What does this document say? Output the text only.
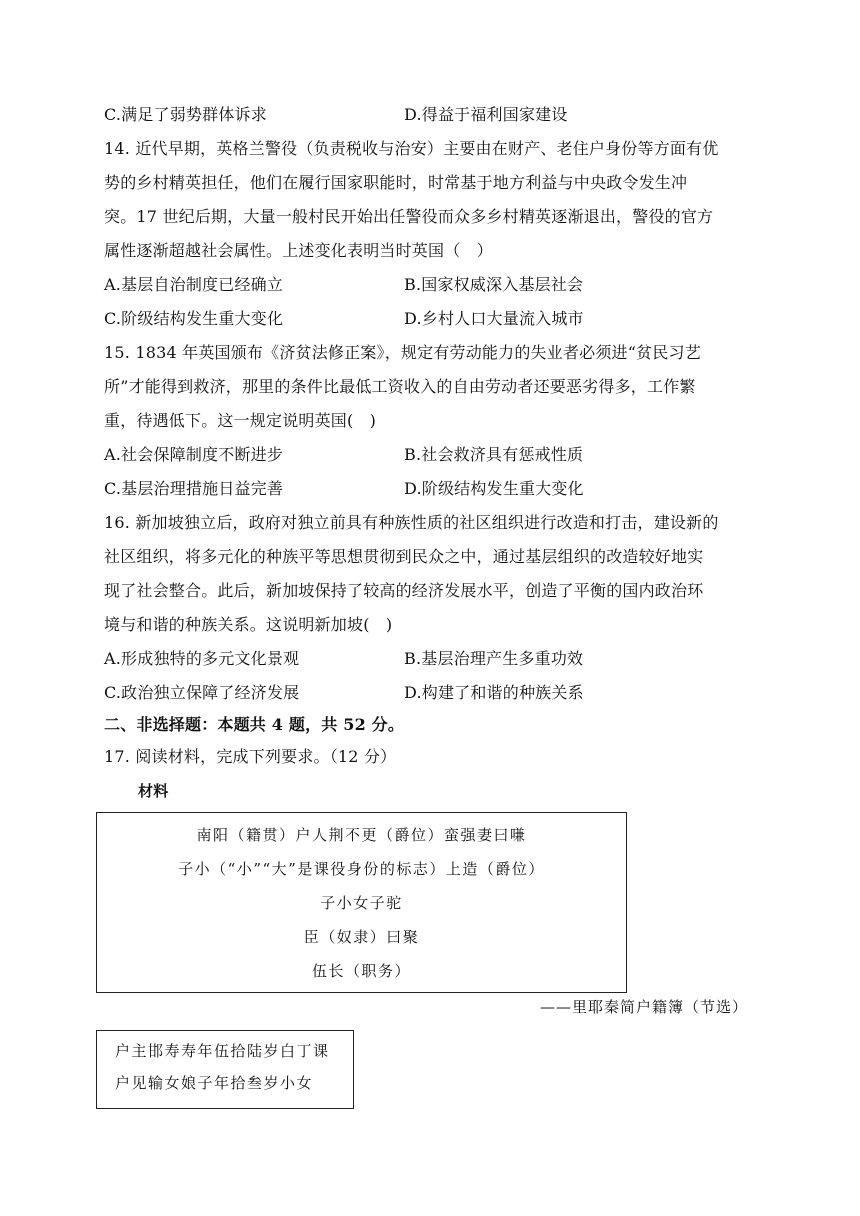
C.满足了弱势群体诉求	D.得益于福利国家建设
14. 近代早期，英格兰警役（负责税收与治安）主要由在财产、老住户身份等方面有优
势的乡村精英担任，他们在履行国家职能时，时常基于地方利益与中央政令发生冲
突。17 世纪后期，大量一般村民开始出任警役而众多乡村精英逐渐退出，警役的官方
属性逐渐超越社会属性。上述变化表明当时英国（　）
A.基层自治制度已经确立	B.国家权威深入基层社会
C.阶级结构发生重大变化	D.乡村人口大量流入城市
15. 1834 年英国颁布《济贫法修正案》，规定有劳动能力的失业者必须进“贫民习艺
所”才能得到救济，那里的条件比最低工资收入的自由劳动者还要恶劣得多，工作繁
重，待遇低下。这一规定说明英国(　)
A.社会保障制度不断进步	B.社会救济具有惩戒性质
C.基层治理措施日益完善	D.阶级结构发生重大变化
16. 新加坡独立后，政府对独立前具有种族性质的社区组织进行改造和打击，建设新的
社区组织，将多元化的种族平等思想贯彻到民众之中，通过基层组织的改造较好地实
现了社会整合。此后，新加坡保持了较高的经济发展水平，创造了平衡的国内政治环
境与和谐的种族关系。这说明新加坡(　)
A.形成独特的多元文化景观	B.基层治理产生多重功效
C.政治独立保障了经济发展	D.构建了和谐的种族关系
二、非选择题：本题共 4 题，共 52 分。
17. 阅读材料，完成下列要求。（12 分）
材料
南阳（籍贯）户人荆不更（爵位）蛮强妻曰嗛
子小（“小”“大”是课役身份的标志）上造（爵位）
子小女子驼
臣（奴隶）曰聚
伍长（职务）
——里耶秦简户籍簿（节选）
户主邯寿寿年伍拾陆岁白丁课
户见输女娘子年拾叁岁小女
